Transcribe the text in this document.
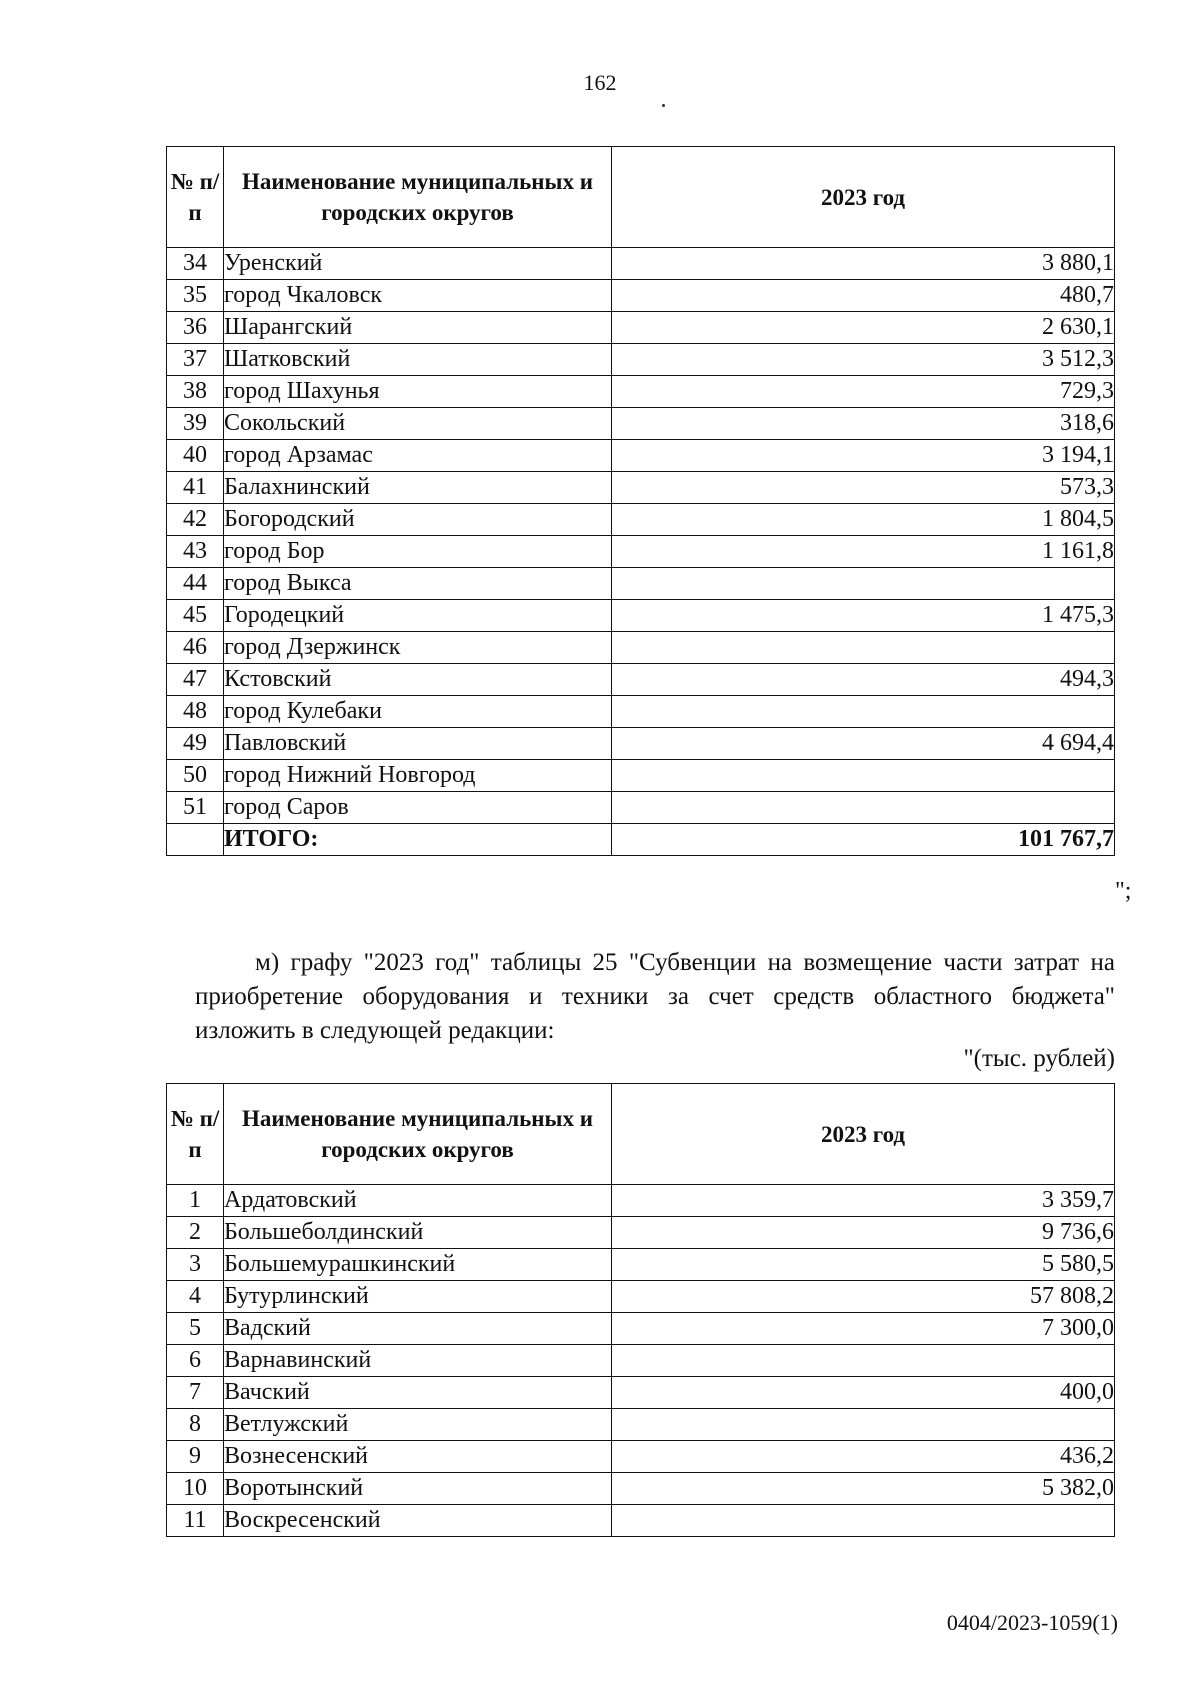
162
№ п/п	Наименование муниципальных и городских округов	2023 год
34	Уренский	3 880,1
35	город Чкаловск	480,7
36	Шарангский	2 630,1
37	Шатковский	3 512,3
38	город Шахунья	729,3
39	Сокольский	318,6
40	город Арзамас	3 194,1
41	Балахнинский	573,3
42	Богородский	1 804,5
43	город Бор	1 161,8
44	город Выкса	
45	Городецкий	1 475,3
46	город Дзержинск	
47	Кстовский	494,3
48	город Кулебаки	
49	Павловский	4 694,4
50	город Нижний Новгород	
51	город Саров	
	ИТОГО:	101 767,7
";

м) графу "2023 год" таблицы 25 "Субвенции на возмещение части затрат на приобретение оборудования и техники за счет средств областного бюджета" изложить в следующей редакции:

"(тыс. рублей)
№ п/п	Наименование муниципальных и городских округов	2023 год
1	Ардатовский	3 359,7
2	Большеболдинский	9 736,6
3	Большемурашкинский	5 580,5
4	Бутурлинский	57 808,2
5	Вадский	7 300,0
6	Варнавинский	
7	Вачский	400,0
8	Ветлужский	
9	Вознесенский	436,2
10	Воротынский	5 382,0
11	Воскресенский	
0404/2023-1059(1)
